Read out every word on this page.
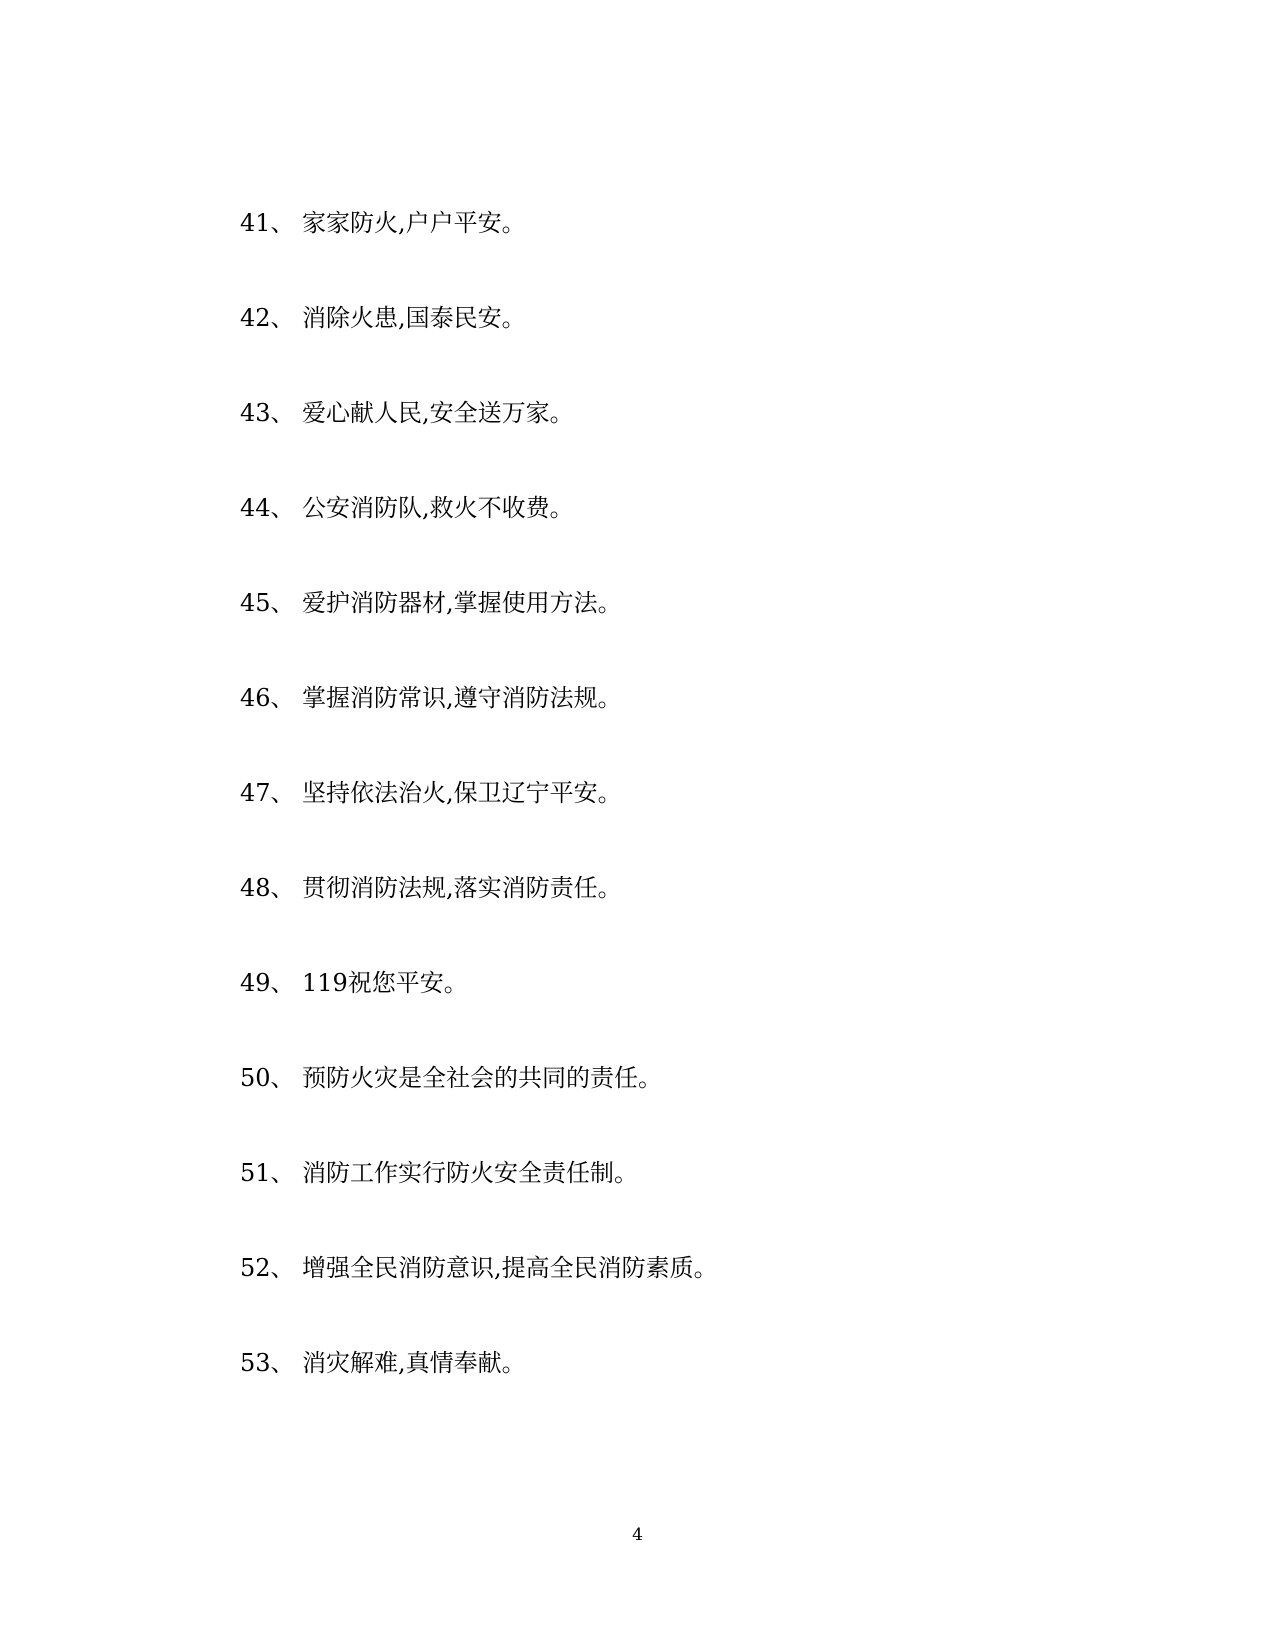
41、 家家防火,户户平安。
42、 消除火患,国泰民安。
43、 爱心献人民,安全送万家。
44、 公安消防队,救火不收费。
45、 爱护消防器材,掌握使用方法。
46、 掌握消防常识,遵守消防法规。
47、 坚持依法治火,保卫辽宁平安。
48、 贯彻消防法规,落实消防责任。
49、 119祝您平安。
50、 预防火灾是全社会的共同的责任。
51、 消防工作实行防火安全责任制。
52、 增强全民消防意识,提高全民消防素质。
53、 消灾解难,真情奉献。
4
